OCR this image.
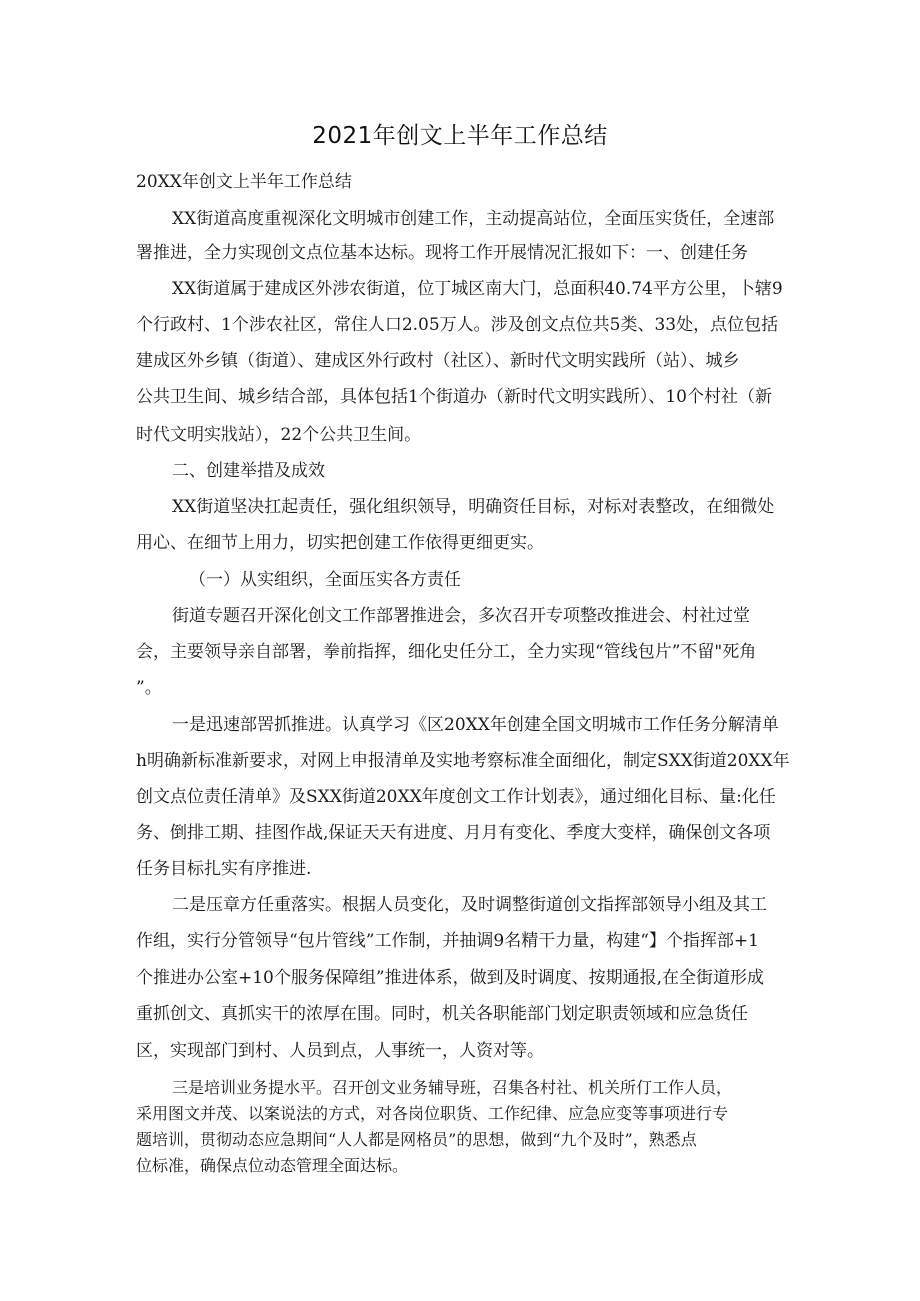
2021年创文上半年工作总结
20XX年创文上半年工作总结
XX街道高度重视深化文明城市创建工作，主动提高站位，全面压实货任，全速部
署推进，全力实现创文点位基本达标。现将工作开展情况汇报如下：一、创建任务
XX街道属于建成区外涉农街道，位丁城区南大门，总面积40.74平方公里，卜辖9
个行政村、1个涉农社区，常住人口2.05万人。涉及创文点位共5类、33处，点位包括
建成区外乡镇（街道）、建成区外行政村（社区）、新时代文明实践所（站）、城乡
公共卫生间、城乡结合部，具体包括1个街道办（新时代文明实践所）、10个村社（新
时代文明实戕站），22个公共卫生间。
二、创建举措及成效
XX街道坚决扛起责任，强化组织领导，明确资任目标，对标对表整改，在细微处
用心、在细节上用力，切实把创建工作依得更细更实。
（一）从实组织，全面压实各方责任
街道专题召开深化创文工作部署推进会，多次召开专项整改推进会、村社过堂
会，主要领导亲自部署，拳前指挥，细化史任分工，全力实现“管线包片”不留"死角
”。
一是迅速部罟抓推进。认真学习《区20XX年创建全国文明城市工作任务分解清单
h明确新标准新要求，对网上申报清单及实地考察标准全面细化，制定SXX街道20XX年
创文点位责任清单》及SXX街道20XX年度创文工作计划表》，通过细化目标、量:化任
务、倒排工期、挂图作战,保证天天有进度、月月有变化、季度大变样，确保创文各项
任务目标扎实有序推进.
二是压章方任重落实。根据人员变化，及时调整街道创文指挥部领导小组及其工
作组，实行分管领导“包片管线”工作制，并抽调9名精干力量，构建“】个指挥部+1
个推进办公室+10个服务保障组”推进体系，做到及时调度、按期通报,在全街道形成
重抓创文、真抓实干的浓厚在围。同时，机关各职能部门划定职责领域和应急货任
区，实现部门到村、人员到点，人事统一，人资对等。
三是培训业务提水平。召开创文业务辅导班，召集各村社、机关所仃工作人员，
采用图文并茂、以案说法的方式，对各岗位职货、工作纪律、应急应变等事项进行专
题培训，贯彻动态应急期间“人人都是网格员”的思想，做到“九个及时”，熟悉点
位标准，确保点位动态管理全面达标。
